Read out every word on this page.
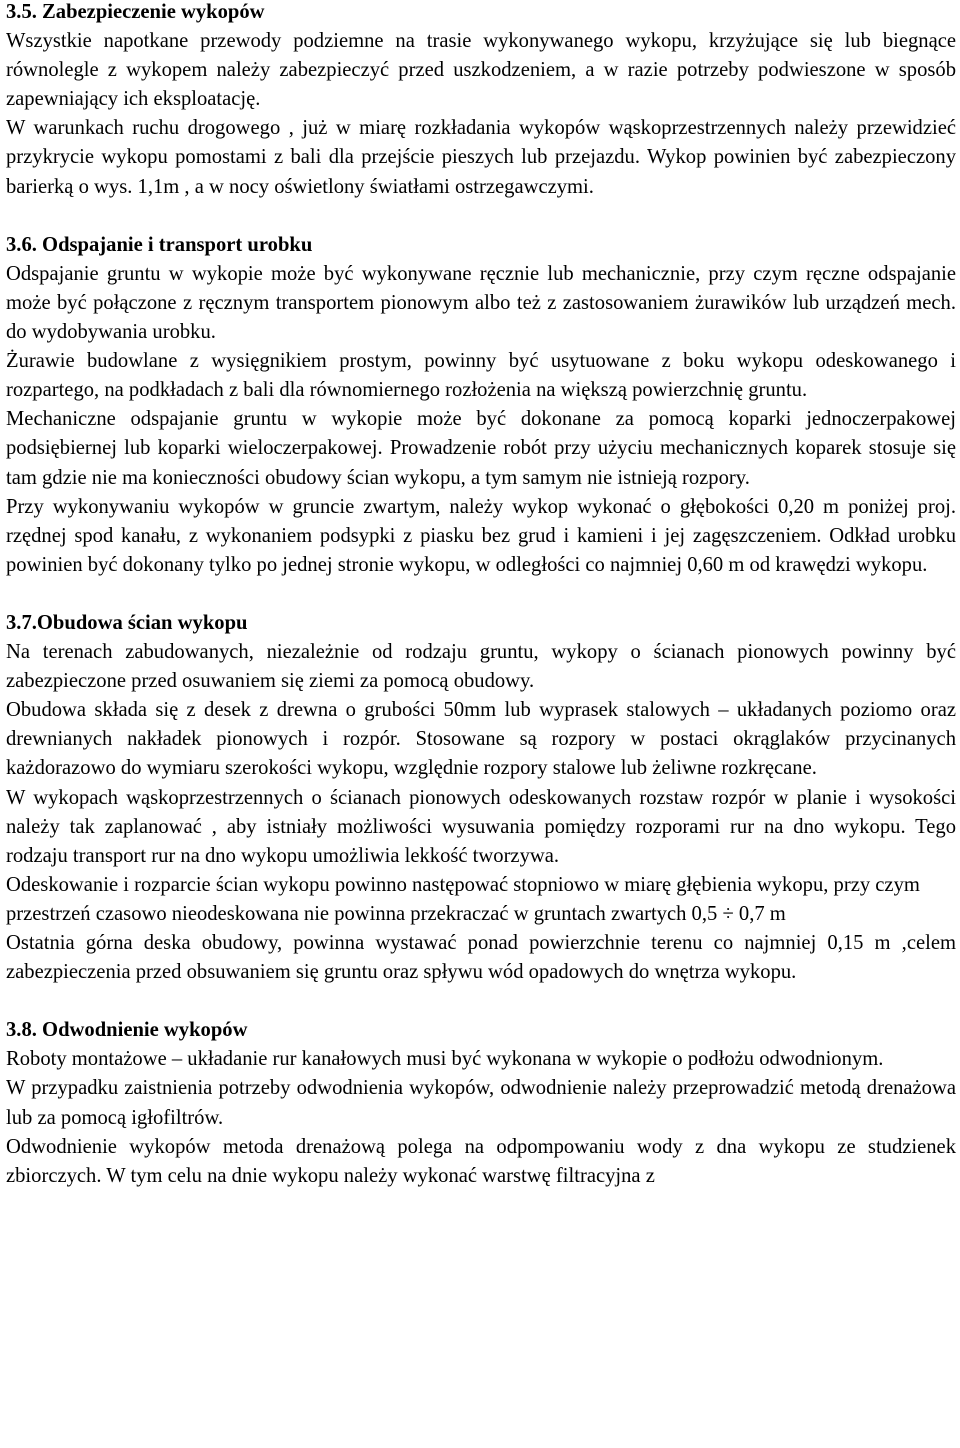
3.5. Zabezpieczenie wykopów

Wszystkie napotkane przewody podziemne na trasie wykonywanego wykopu, krzyżujące się lub biegnące równolegle z wykopem należy zabezpieczyć przed uszkodzeniem, a w razie potrzeby podwieszone w sposób zapewniający ich eksploatację.

W warunkach ruchu drogowego , już w miarę rozkładania wykopów wąskoprzestrzennych należy przewidzieć przykrycie wykopu pomostami z bali dla przejście pieszych lub przejazdu. Wykop powinien być zabezpieczony barierką o wys. 1,1m , a w nocy oświetlony światłami ostrzegawczymi.

3.6. Odspajanie i transport urobku

Odspajanie gruntu w wykopie może być wykonywane ręcznie lub mechanicznie, przy czym ręczne odspajanie może być połączone z ręcznym transportem pionowym albo też z zastosowaniem żurawików lub urządzeń mech. do wydobywania urobku.

Żurawie budowlane z wysięgnikiem prostym, powinny być usytuowane z boku wykopu odeskowanego i rozpartego, na podkładach z bali dla równomiernego rozłożenia na większą powierzchnię gruntu.

Mechaniczne odspajanie gruntu w wykopie może być dokonane za pomocą koparki jednoczerpakowej podsiębiernej lub koparki wieloczerpakowej. Prowadzenie robót przy użyciu mechanicznych koparek stosuje się tam gdzie nie ma konieczności obudowy ścian wykopu, a tym samym nie istnieją rozpory.

Przy wykonywaniu wykopów w gruncie zwartym, należy wykop wykonać o głębokości 0,20 m poniżej proj. rzędnej spod kanału, z wykonaniem podsypki z piasku bez grud i kamieni i jej zagęszczeniem. Odkład urobku powinien być dokonany tylko po jednej stronie wykopu, w odległości co najmniej 0,60 m od krawędzi wykopu.

3.7.Obudowa ścian wykopu

Na terenach zabudowanych, niezależnie od rodzaju gruntu, wykopy o ścianach pionowych powinny być zabezpieczone przed osuwaniem się ziemi za pomocą obudowy.

Obudowa składa się z desek z drewna o grubości 50mm lub wyprasek stalowych – układanych poziomo oraz drewnianych nakładek pionowych i rozpór. Stosowane są rozpory w postaci okrąglaków przycinanych każdorazowo do wymiaru szerokości wykopu, względnie rozpory stalowe lub żeliwne rozkręcane.

W wykopach wąskoprzestrzennych o ścianach pionowych odeskowanych rozstaw rozpór w planie i wysokości należy tak zaplanować , aby istniały możliwości wysuwania pomiędzy rozporami rur na dno wykopu. Tego rodzaju transport rur na dno wykopu umożliwia lekkość tworzywa.

Odeskowanie i rozparcie ścian wykopu powinno następować stopniowo w miarę głębienia wykopu, przy czym przestrzeń czasowo nieodeskowana nie powinna przekraczać w gruntach zwartych 0,5 ÷ 0,7 m

Ostatnia górna deska obudowy, powinna wystawać ponad powierzchnie terenu co najmniej 0,15 m ,celem zabezpieczenia przed obsuwaniem się gruntu oraz spływu wód opadowych do wnętrza wykopu.

3.8. Odwodnienie wykopów

Roboty montażowe – układanie rur kanałowych musi być wykonana w wykopie o podłożu odwodnionym.

W przypadku zaistnienia potrzeby odwodnienia wykopów, odwodnienie należy przeprowadzić metodą drenażowa lub za pomocą igłofiltrów.

Odwodnienie wykopów metoda drenażową polega na odpompowaniu wody z dna wykopu ze studzienek zbiorczych. W tym celu na dnie wykopu należy wykonać warstwę filtracyjna z
